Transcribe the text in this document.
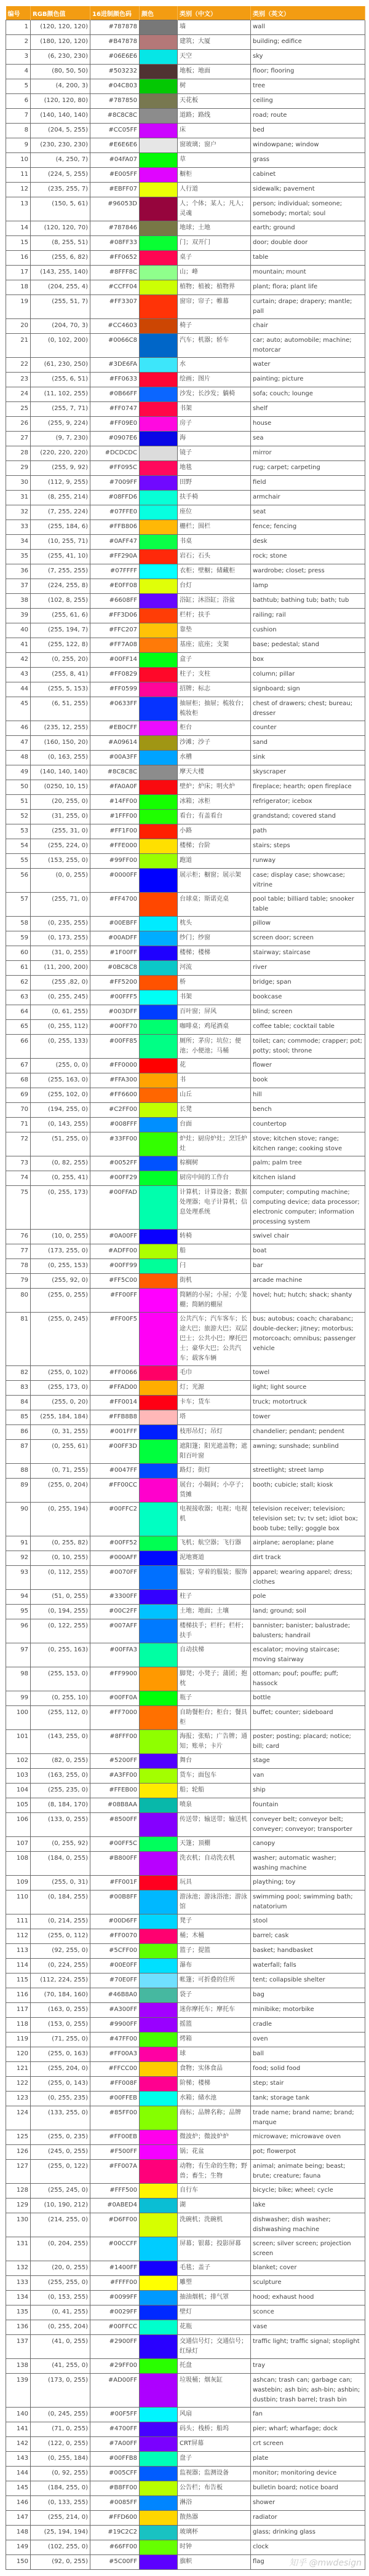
编号	RGB颜色值	16进制颜色码	颜色	类别（中文）	类别（英文）
1	(120, 120, 120)	#787878		墙	wall
2	(180, 120, 120)	#B47878		建筑；大厦	building; edifice
3	(6, 230, 230)	#06E6E6		天空	sky
4	(80, 50, 50)	#503232		地板；地面	floor; flooring
5	(4, 200, 3)	#04C803		树	tree
6	(120, 120, 80)	#787850		天花板	ceiling
7	(140, 140, 140)	#8C8C8C		道路；路线	road; route
8	(204, 5, 255)	#CC05FF		床	bed
9	(230, 230, 230)	#E6E6E6		窗玻璃；窗户	windowpane; window
10	(4, 250, 7)	#04FA07		草	grass
11	(224, 5, 255)	#E005FF		橱柜	cabinet
12	(235, 255, 7)	#EBFF07		人行道	sidewalk; pavement
13	(150, 5, 61)	#96053D		人；个体；某人；凡人；灵魂	person; individual; someone; somebody; mortal; soul
14	(120, 120, 70)	#787846		地球；土地	earth; ground
15	(8, 255, 51)	#08FF33		门；双开门	door; double door
16	(255, 6, 82)	#FF0652		桌子	table
17	(143, 255, 140)	#8FFF8C		山；峰	mountain; mount
18	(204, 255, 4)	#CCFF04		植物；植被；植物界	plant; flora; plant life
19	(255, 51, 7)	#FF3307		窗帘；帘子；帷幕	curtain; drape; drapery; mantle; pall
20	(204, 70, 3)	#CC4603		椅子	chair
21	(0, 102, 200)	#0066C8		汽车；机器；轿车	car; auto; automobile; machine; motorcar
22	(61, 230, 250)	#3DE6FA		水	water
23	(255, 6, 51)	#FF0633		绘画；图片	painting; picture
24	(11, 102, 255)	#0B66FF		沙发；长沙发；躺椅	sofa; couch; lounge
25	(255, 7, 71)	#FF0747		书架	shelf
26	(255, 9, 224)	#FF09E0		房子	house
27	(9, 7, 230)	#0907E6		海	sea
28	(220, 220, 220)	#DCDCDC		镜子	mirror
29	(255, 9, 92)	#FF095C		地毯	rug; carpet; carpeting
30	(112, 9, 255)	#7009FF		田野	field
31	(8, 255, 214)	#08FFD6		扶手椅	armchair
32	(7, 255, 224)	#07FFE0		座位	seat
33	(255, 184, 6)	#FFB806		栅栏；围栏	fence; fencing
34	(10, 255, 71)	#0AFF47		书桌	desk
35	(255, 41, 10)	#FF290A		岩石；石头	rock; stone
36	(7, 255, 255)	#07FFFF		衣柜；壁橱；储藏柜	wardrobe; closet; press
37	(224, 255, 8)	#E0FF08		台灯	lamp
38	(102, 8, 255)	#6608FF		浴缸；沐浴缸；浴盆	bathtub; bathing tub; bath; tub
39	(255, 61, 6)	#FF3D06		栏杆；扶手	railing; rail
40	(255, 194, 7)	#FFC207		靠垫	cushion
41	(255, 122, 8)	#FF7A08		基座；底座；支架	base; pedestal; stand
42	(0, 255, 20)	#00FF14		盒子	box
43	(255, 8, 41)	#FF0829		柱子；支柱	column; pillar
44	(255, 5, 153)	#FF0599		招牌；标志	signboard; sign
45	(6, 51, 255)	#0633FF		抽屉柜；抽屉；梳妆台；梳妆柜	chest of drawers; chest; bureau; dresser
46	(235, 12, 255)	#EB0CFF		柜台	counter
47	(160, 150, 20)	#A09614		沙滩；沙子	sand
48	(0, 163, 255)	#00A3FF		水槽	sink
49	(140, 140, 140)	#8C8C8C		摩天大楼	skyscraper
50	(0250, 10, 15)	#FA0A0F		壁炉；炉床；明火炉	fireplace; hearth; open fireplace
51	(20, 255, 0)	#14FF00		冰箱；冰柜	refrigerator; icebox
52	(31, 255, 0)	#1FFF00		看台；有盖看台	grandstand; covered stand
53	(255, 31, 0)	#FF1F00		小路	path
54	(255, 224, 0)	#FFE000		楼梯；台阶	stairs; steps
55	(153, 255, 0)	#99FF00		跑道	runway
56	(0, 0, 255)	#0000FF		展示柜；橱窗；展示架	case; display case; showcase; vitrine
57	(255, 71, 0)	#FF4700		台球桌；斯诺克桌	pool table; billiard table; snooker table
58	(0, 235, 255)	#00EBFF		枕头	pillow
59	(0, 173, 255)	#00ADFF		纱门；纱窗	screen door; screen
60	(31, 0, 255)	#1F00FF		楼梯；楼梯	stairway; staircase
61	(11, 200, 200)	#0BC8C8		河流	river
62	(255 ,82, 0)	#FF5200		桥	bridge; span
63	(0, 255, 245)	#00FFF5		书架	bookcase
64	(0, 61, 255)	#003DFF		百叶窗；屏风	blind; screen
65	(0, 255, 112)	#00FF70		咖啡桌；鸡尾酒桌	coffee table; cocktail table
66	(0, 255, 133)	#00FF85		厕所；茅房；坑位；便池；小便池；马桶	toilet; can; commode; crapper; pot; potty; stool; throne
67	(255, 0, 0)	#FF0000		花	flower
68	(255, 163, 0)	#FFA300		书	book
69	(255, 102, 0)	#FF6600		山丘	hill
70	(194, 255, 0)	#C2FF00		长凳	bench
71	(0, 143, 255)	#008FFF		台面	countertop
72	(51, 255, 0)	#33FF00		炉灶；厨房炉灶；烹饪炉灶	stove; kitchen stove; range; kitchen range; cooking stove
73	(0, 82, 255)	#0052FF		棕榈树	palm; palm tree
74	(0, 255, 41)	#00FF29		厨房中间的工作台	kitchen island
75	(0, 255, 173)	#00FFAD		计算机；计算设备；数据处理器；电子计算机；信息处理系统	computer; computing machine; computing device; data processor; electronic computer; information processing system
76	(10, 0, 255)	#0A00FF		转椅	swivel chair
77	(173, 255, 0)	#ADFF00		船	boat
78	(0, 255, 153)	#00FF99		闩	bar
79	(255, 92, 0)	#FF5C00		街机	arcade machine
80	(255, 0, 255)	#FF00FF		简陋的小屋；小屋；小笼棚；简陋的棚屋	hovel; hut; hutch; shack; shanty
81	(255, 0, 245)	#FF00F5		公共汽车；汽车客车；长途大巴；旅游大巴；双层巴士；公共小巴；摩托巴士；豪华大巴；公共汽车；载客车辆	bus; autobus; coach; charabanc; double-decker; jitney; motorbus; motorcoach; omnibus; passenger vehicle
82	(255, 0, 102)	#FF0066		毛巾	towel
83	(255, 173, 0)	#FFAD00		灯；光源	light; light source
84	(255, 0, 20)	#FF0014		卡车；货车	truck; motortruck
85	(255, 184, 184)	#FFB8B8		塔	tower
86	(0, 31, 255)	#001FFF		枝形吊灯；吊灯	chandelier; pendant; pendent
87	(0, 255, 61)	#00FF3D		遮阳篷；阳光遮盖物；遮阳百叶窗	awning; sunshade; sunblind
88	(0, 71, 255)	#0047FF		路灯；街灯	streetlight; street lamp
89	(255, 0, 204)	#FF00CC		展台；小隔间；小亭子；货摊	booth; cubicle; stall; kiosk
90	(0, 255, 194)	#00FFC2		电视接收器；电视；电视机	television receiver; television; television set; tv; tv set; idiot box; boob tube; telly; goggle box
91	(0, 255, 82)	#00FF52		飞机；航空器；飞行器	airplane; aeroplane; plane
92	(0, 10, 255)	#000AFF		泥地赛道	dirt track
93	(0, 112, 255)	#0070FF		服装；穿着的服装；服饰	apparel; wearing apparel; dress; clothes
94	(51, 0, 255)	#3300FF		柱子	pole
95	(0, 194, 255)	#00C2FF		土地；地面；土壤	land; ground; soil
96	(0, 122, 255)	#007AFF		楼梯扶手；栏杆；栏杆；扶手	bannister; banister; balustrade; balusters; handrail
97	(0, 255, 163)	#00FFA3		自动扶梯	escalator; moving staircase; moving stairway
98	(255, 153, 0)	#FF9900		脚凳；小凳子；蒲团；抱枕	ottoman; pouf; pouffe; puff; hassock
99	(0, 255, 10)	#00FF0A		瓶子	bottle
100	(255, 112, 0)	#FF7000		自助餐柜台；柜台；餐具柜	buffet; counter; sideboard
101	(143, 255, 0)	#8FFF00		海报；张贴；广告牌；通知；账单；卡片	poster; posting; placard; notice; bill; card
102	(82, 0, 255)	#5200FF		舞台	stage
103	(163, 255, 0)	#A3FF00		货车；面包车	van
104	(255, 235, 0)	#FFEB00		船；轮船	ship
105	(8, 184, 170)	#08B8AA		喷泉	fountain
106	(133, 0, 255)	#8500FF		传送带；输送带；输送机	conveyer belt; conveyor belt; conveyer; conveyor; transporter
107	(0, 255, 92)	#00FF5C		天篷；顶棚	canopy
108	(184, 0, 255)	#B800FF		洗衣机；自动洗衣机	washer; automatic washer; washing machine
109	(255, 0, 31)	#FF001F		玩具	plaything; toy
110	(0, 184, 255)	#00B8FF		游泳池；游泳浴池；游泳馆	swimming pool; swimming bath; natatorium
111	(0, 214, 255)	#00D6FF		凳子	stool
112	(255, 0, 112)	#FF0070		桶；木桶	barrel; cask
113	(92, 255, 0)	#5CFF00		篮子；提篮	basket; handbasket
114	(0, 224, 255)	#00E0FF		瀑布	waterfall; falls
115	(112, 224, 255)	#70E0FF		帐篷；可折叠的住所	tent; collapsible shelter
116	(70, 184, 160)	#46B8A0		袋子	bag
117	(163, 0, 255)	#A300FF		迷你摩托车；摩托车	minibike; motorbike
118	(153, 0, 255)	#9900FF		摇篮	cradle
119	(71, 255, 0)	#47FF00		烤箱	oven
120	(255, 0, 163)	#FF00A3		球	ball
121	(255, 204, 0)	#FFCC00		食物；实体食品	food; solid food
122	(255, 0, 143)	#FF008F		阶梯；楼梯	step; stair
123	(0, 255, 235)	#00FFEB		水箱；储水池	tank; storage tank
124	(133, 255, 0)	#85FF00		商标；品牌名称；品牌	trade name; brand name; brand; marque
125	(255, 0, 235)	#FF00EB		微波炉；微波炉炉	microwave; microwave oven
126	(245, 0, 255)	#F500FF		锅；花盆	pot; flowerpot
127	(255, 0, 122)	#FF007A		动物；有生命的生物；野兽；畜生；生物	animal; animate being; beast; brute; creature; fauna
128	(255, 245, 0)	#FFF500		自行车	bicycle; bike; wheel; cycle
129	(10, 190, 212)	#0ABED4		湖	lake
130	(214, 255, 0)	#D6FF00		洗碗机；洗碗机	dishwasher; dish washer; dishwashing machine
131	(0, 204, 255)	#00CCFF		屏幕；银幕；投影屏幕	screen; silver screen; projection screen
132	(20, 0, 255)	#1400FF		毛毯；盖子	blanket; cover
133	(255, 255, 0)	#FFFF00		雕塑	sculpture
134	(0, 153, 255)	#0099FF		抽油烟机；排气罩	hood; exhaust hood
135	(0, 41, 255)	#0029FF		壁灯	sconce
136	(0, 255, 204)	#00FFCC		花瓶	vase
137	(41, 0, 255)	#2900FF		交通信号灯；交通信号；红绿灯	traffic light; traffic signal; stoplight
138	(41, 255, 0)	#29FF00		托盘	tray
139	(173, 0, 255)	#AD00FF		垃圾桶；烟灰缸	ashcan; trash can; garbage can; wastebin; ash bin; ash-bin; ashbin; dustbin; trash barrel; trash bin
140	(0, 245, 255)	#00F5FF		风扇	fan
141	(71, 0, 255)	#4700FF		码头；栈桥；船坞	pier; wharf; wharfage; dock
142	(122, 0, 255)	#7A00FF		CRT屏幕	crt screen
143	(0, 255, 184)	#00FFB8		盘子	plate
144	(0, 92, 255)	#005CFF		监视器；监测设备	monitor; monitoring device
145	(184, 255, 0)	#B8FF00		公告栏；布告板	bulletin board; notice board
146	(0, 133, 255)	#0085FF		淋浴	shower
147	(255, 214, 0)	#FFD600		散热器	radiator
148	(25, 194, 194)	#19C2C2		玻璃杯	glass; drinking glass
149	(102, 255, 0)	#66FF00		时钟	clock
150	(92, 0, 255)	#5C00FF		旗帜	flag	知乎 @mwdesign
